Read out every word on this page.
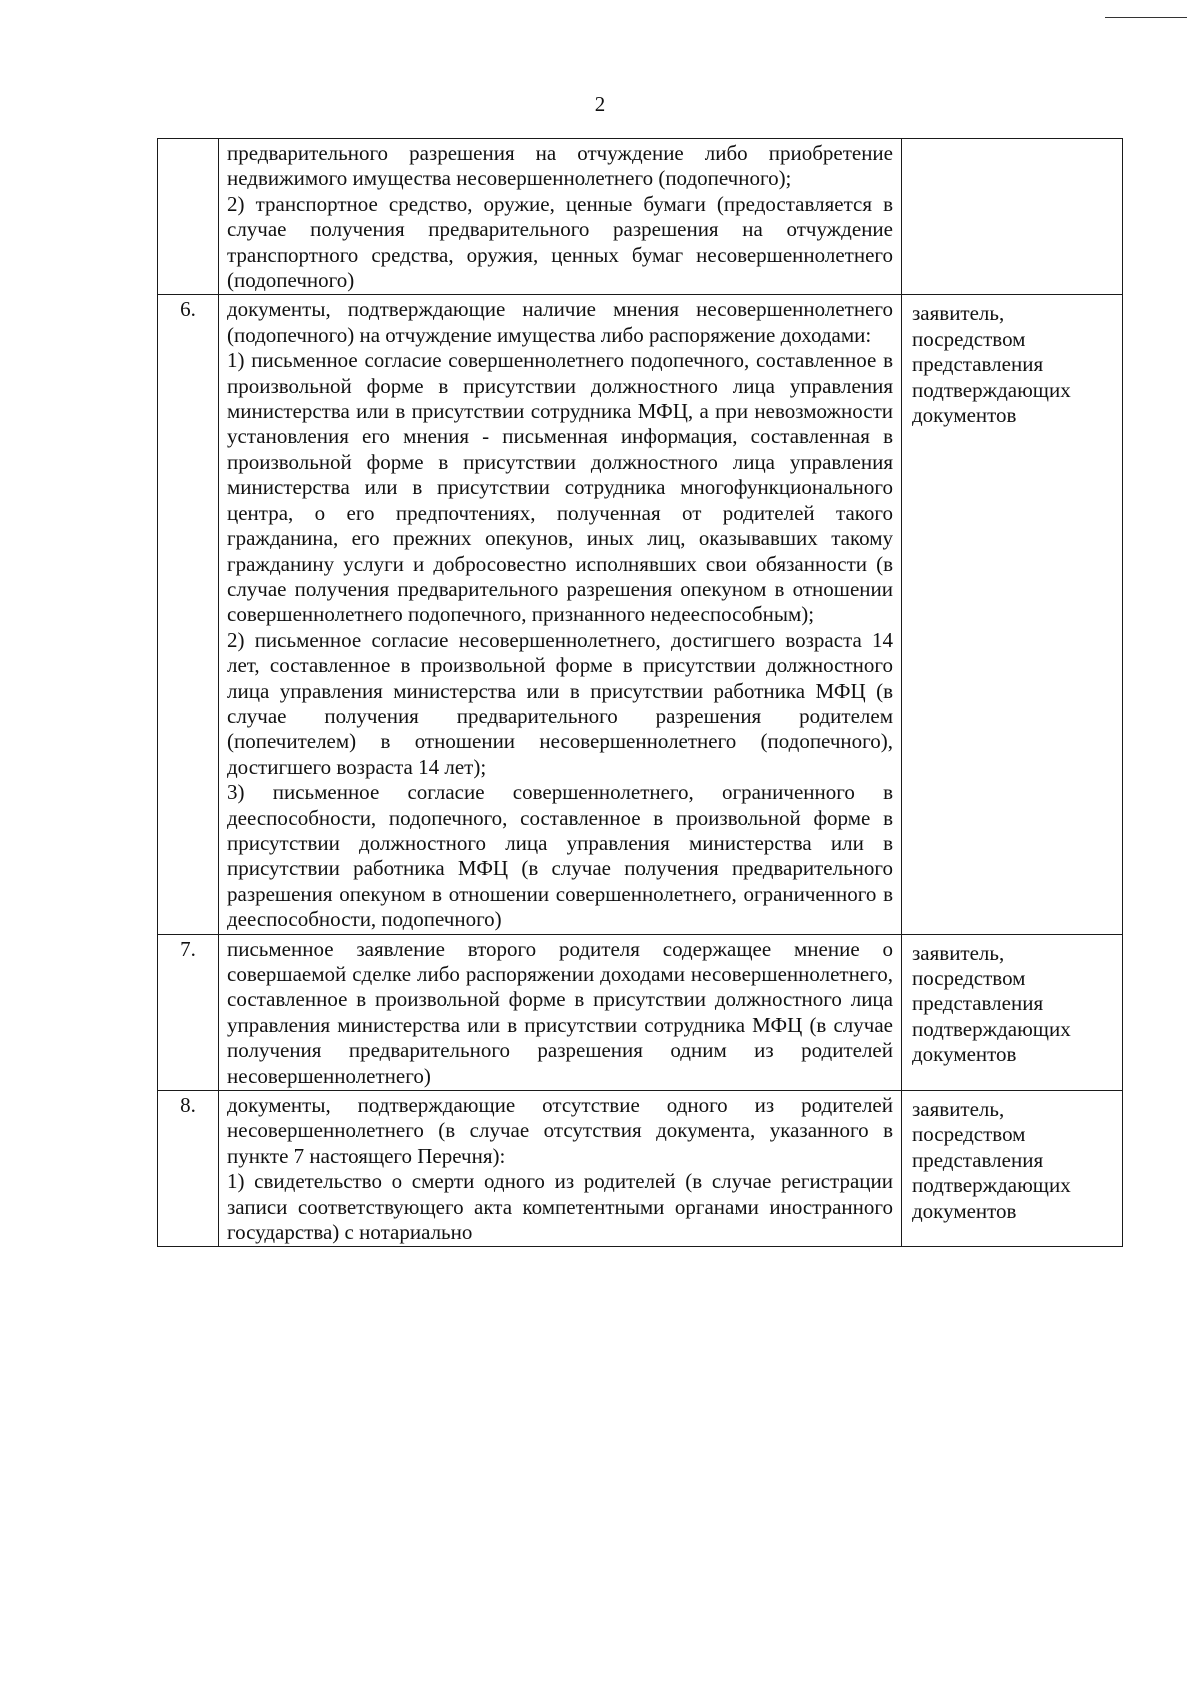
2

	предварительного разрешения на отчуждение либо приобретение недвижимого имущества несовершеннолетнего (подопечного);

2) транспортное средство, оружие, ценные бумаги (предоставляется в случае получения предварительного разрешения на отчуждение транспортного средства, оружия, ценных бумаг несовершеннолетнего (подопечного)	

6.	документы, подтверждающие наличие мнения несовершеннолетнего (подопечного) на отчуждение имущества либо распоряжение доходами:

1) письменное согласие совершеннолетнего подопечного, составленное в произвольной форме в присутствии должностного лица управления министерства или в присутствии сотрудника МФЦ, а при невозможности установления его мнения - письменная информация, составленная в произвольной форме в присутствии должностного лица управления министерства или в присутствии сотрудника многофункционального центра, о его предпочтениях, полученная от родителей такого гражданина, его прежних опекунов, иных лиц, оказывавших такому гражданину услуги и добросовестно исполнявших свои обязанности (в случае получения предварительного разрешения опекуном в отношении совершеннолетнего подопечного, признанного недееспособным);

2) письменное согласие несовершеннолетнего, достигшего возраста 14 лет, составленное в произвольной форме в присутствии должностного лица управления министерства или в присутствии работника МФЦ (в случае получения предварительного разрешения родителем (попечителем) в отношении несовершеннолетнего (подопечного), достигшего возраста 14 лет);

3) письменное согласие совершеннолетнего, ограниченного в дееспособности, подопечного, составленное в произвольной форме в присутствии должностного лица управления министерства или в присутствии работника МФЦ (в случае получения предварительного разрешения опекуном в отношении совершеннолетнего, ограниченного в дееспособности, подопечного)	заявитель, посредством представления подтверждающих документов
7.	письменное заявление второго родителя содержащее мнение о совершаемой сделке либо распоряжении доходами несовершеннолетнего, составленное в произвольной форме в присутствии должностного лица управления министерства или в присутствии сотрудника МФЦ (в случае получения предварительного разрешения одним из родителей несовершеннолетнего)	заявитель, посредством представления подтверждающих документов
8.	документы, подтверждающие отсутствие одного из родителей несовершеннолетнего (в случае отсутствия документа, указанного в пункте 7 настоящего Перечня):

1) свидетельство о смерти одного из родителей (в случае регистрации записи соответствующего акта компетентными органами иностранного государства) с нотариально	заявитель, посредством представления подтверждающих документов
